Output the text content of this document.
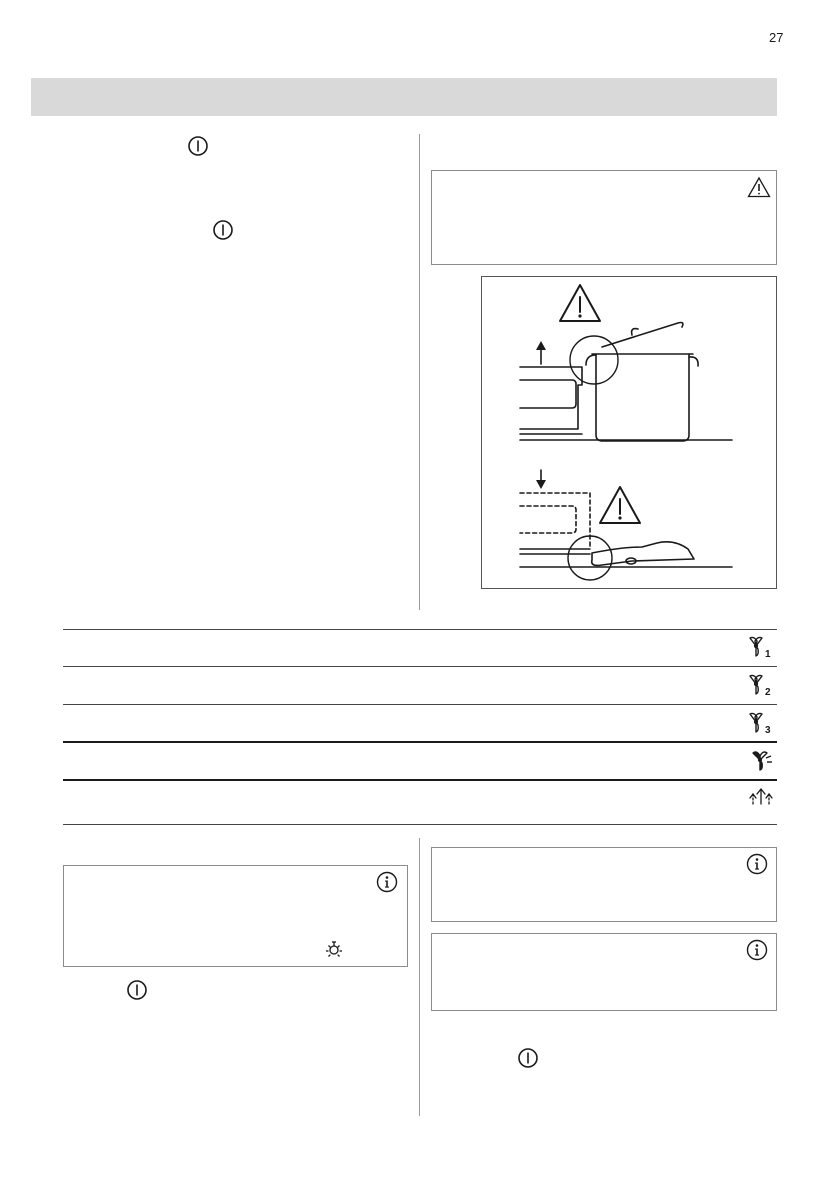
27
1
2
3
